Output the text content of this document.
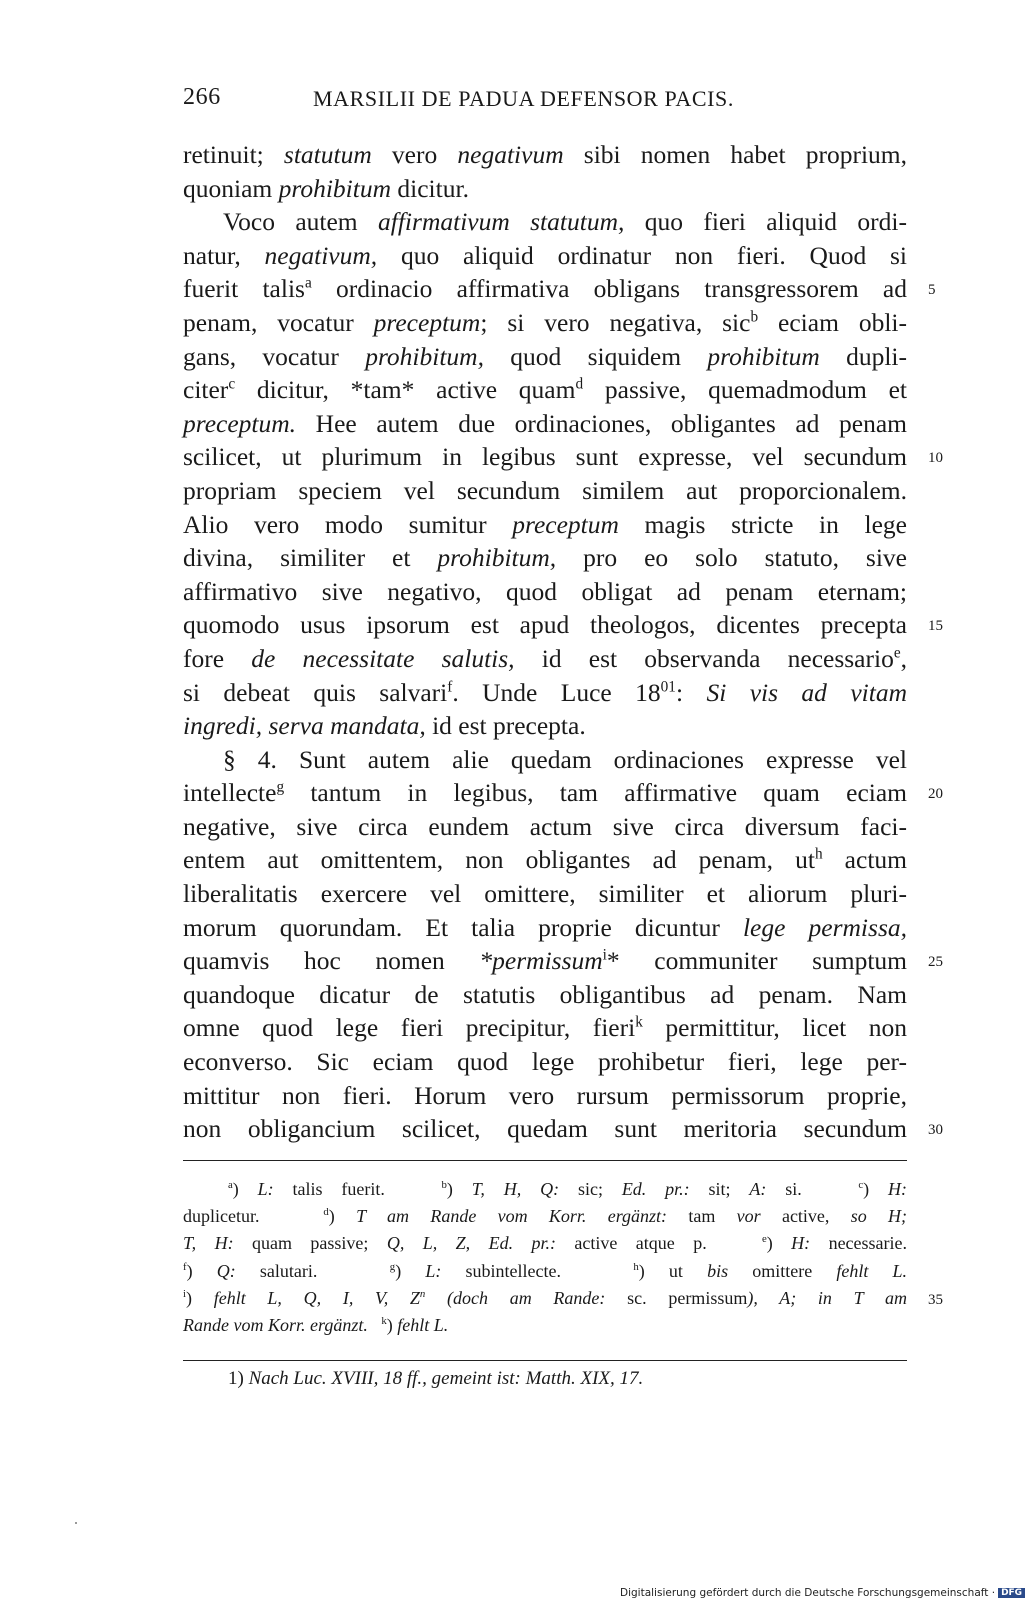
266	MARSILII DE PADUA DEFENSOR PACIS.
retinuit; statutum vero negativum sibi nomen habet proprium,
quoniam prohibitum dicitur.
Voco autem affirmativum statutum, quo fieri aliquid ordi-
natur, negativum, quo aliquid ordinatur non fieri. Quod si
fuerit talis$^a$ ordinacio affirmativa obligans transgressorem ad 5
penam, vocatur preceptum; si vero negativa, sic$^b$ eciam obli-
gans, vocatur prohibitum, quod siquidem prohibitum dupli-
citer$^c$ dicitur, *tam* active quam$^d$ passive, quemadmodum et
preceptum. Hee autem due ordinaciones, obligantes ad penam
scilicet, ut plurimum in legibus sunt expresse, vel secundum 10
propriam speciem vel secundum similem aut proporcionalem.
Alio vero modo sumitur preceptum magis stricte in lege
divina, similiter et prohibitum, pro eo solo statuto, sive
affirmativo sive negativo, quod obligat ad penam eternam;
quomodo usus ipsorum est apud theologos, dicentes precepta 15
fore de necessitate salutis, id est observanda necessario$^e$,
si debeat quis salvari$^f$. Unde Luce $18^{01}$: Si vis ad vitam
ingredi, serva mandata, id est precepta.
§ 4. Sunt autem alie quedam ordinaciones expresse vel
intellecte$^g$ tantum in legibus, tam affirmative quam eciam 20
negative, sive circa eundem actum sive circa diversum faci-
entem aut omittentem, non obligantes ad penam, $ut^h$ actum
liberalitatis exercere vel omittere, similiter et aliorum pluri-
morum quorundam. Et talia proprie dicuntur lege permissa,
quamvis hoc nomen *permissum$^i$* communiter sumptum 25
quandoque dicatur de statutis obligantibus ad penam. Nam
omne quod lege fieri precipitur, fieri$^k$ permittitur, licet non
econverso. Sic eciam quod lege prohibetur fieri, lege per-
mittitur non fieri. Horum vero rursum permissorum proprie,
non obligancium scilicet, quedam sunt meritoria secundum 30
$^a$) L: talis fuerit.   $^b$) T, H, Q: sic; Ed. pr.: sit; A: si.   $^c$) H:
duplicetur.   $^d$) T am Rande vom Korr. ergänzt: tam vor active, so H;
T, H: quam passive; Q, L, Z, Ed. pr.: active atque p.   $^e$) H: necessarie.
$^f$) Q: salutari.   $^g$) L: subintellecte.   $^h$) ut bis omittere fehlt L.
$^i$) fehlt L, Q, I, V, $Z^n$ (doch am Rande: sc. permissum), A; in T am 35
Rande vom Korr. ergänzt. $^k$) fehlt L.
1) Nach Luc. XVIII, 18 ff., gemeint ist: Matth. XIX, 17.
Digitalisierung gefördert durch die Deutsche Forschungsgemeinschaft · DFG
